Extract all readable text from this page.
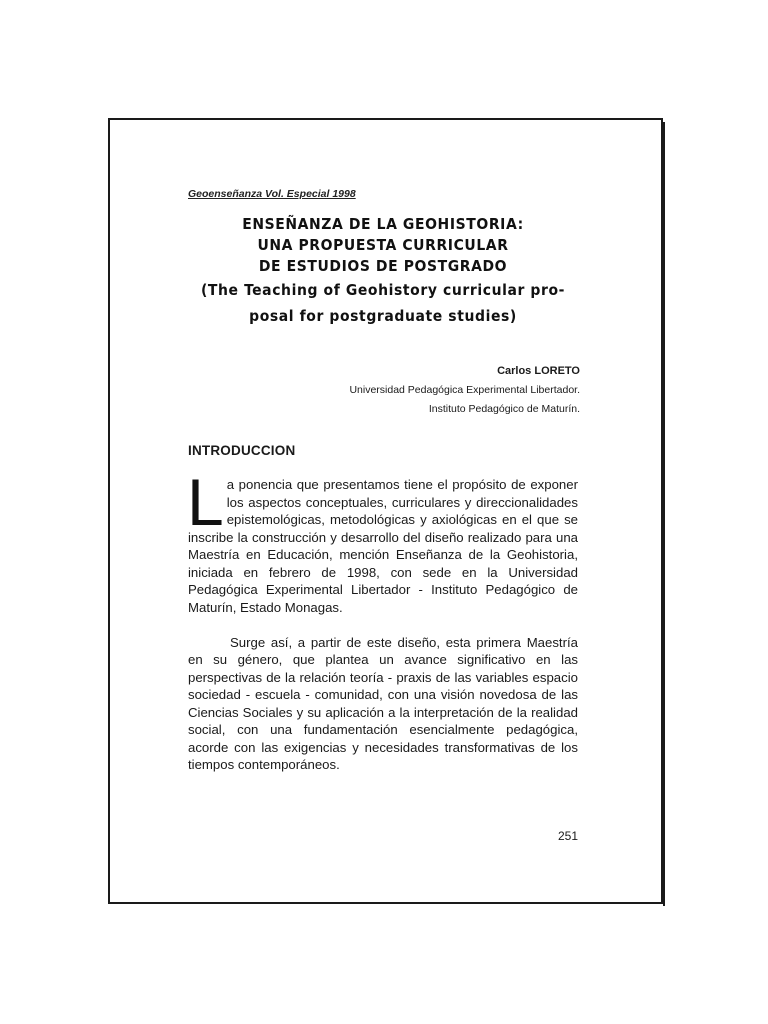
Geoenseñanza Vol. Especial 1998
ENSEÑANZA DE LA GEOHISTORIA:
UNA PROPUESTA CURRICULAR
DE ESTUDIOS DE POSTGRADO
(The Teaching of Geohistory curricular pro-
posal for postgraduate studies)
Carlos LORETO
Universidad Pedagógica Experimental Libertador.
Instituto Pedagógico de Maturín.
INTRODUCCION

La ponencia que presentamos tiene el propósito de exponer los aspectos conceptuales, curriculares y direccionalidades epistemológicas, metodológicas y axiológicas en el que se inscribe la construcción y desarrollo del diseño realizado para una Maestría en Educación, mención Enseñanza de la Geohistoria, iniciada en febrero de 1998, con sede en la Universidad Pedagógica Experimental Libertador - Instituto Pedagógico de Maturín, Estado Monagas.

Surge así, a partir de este diseño, esta primera Maestría en su género, que plantea un avance significativo en las perspectivas de la relación teoría - praxis de las variables espacio sociedad - escuela - comunidad, con una visión novedosa de las Ciencias Sociales y su aplicación a la interpretación de la realidad social, con una fundamentación esencialmente pedagógica, acorde con las exigencias y necesidades transformativas de los tiempos contemporáneos.

251
